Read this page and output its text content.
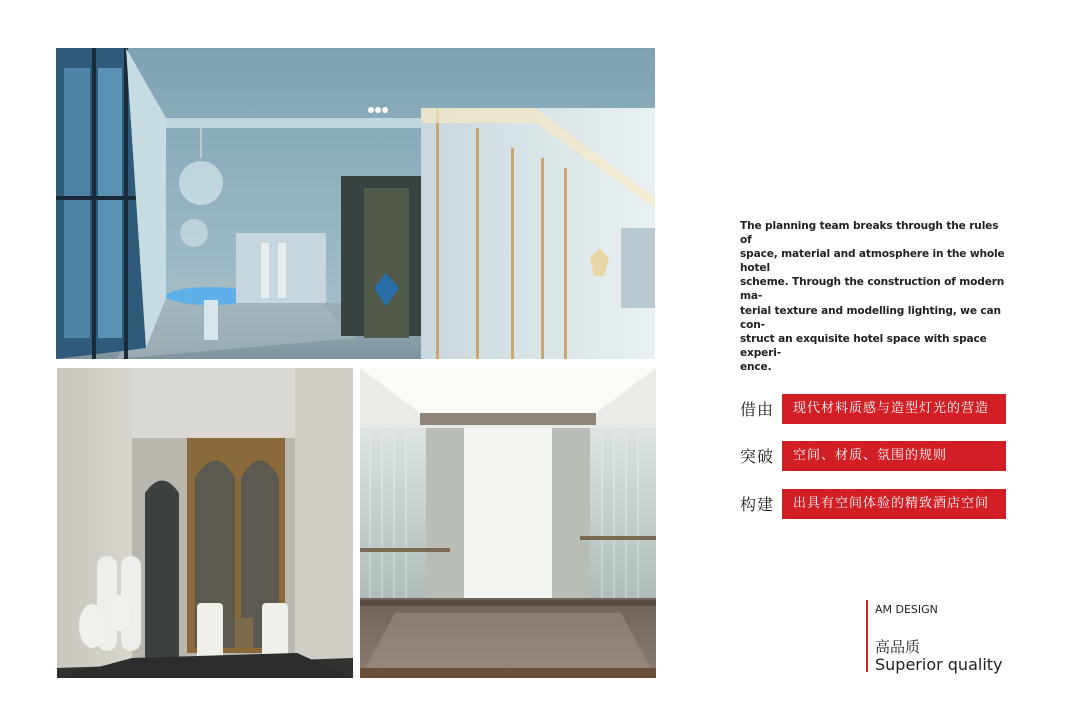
The planning team breaks through the rules of
space, material and atmosphere in the whole hotel
scheme. Through the construction of modern ma-
terial texture and modelling lighting, we can con-
struct an exquisite hotel space with space experi-
ence.
借由	现代材料质感与造型灯光的营造
突破	空间、材质、氛围的规则
构建	出具有空间体验的精致酒店空间
AM DESIGN
高品质
Superior quality
